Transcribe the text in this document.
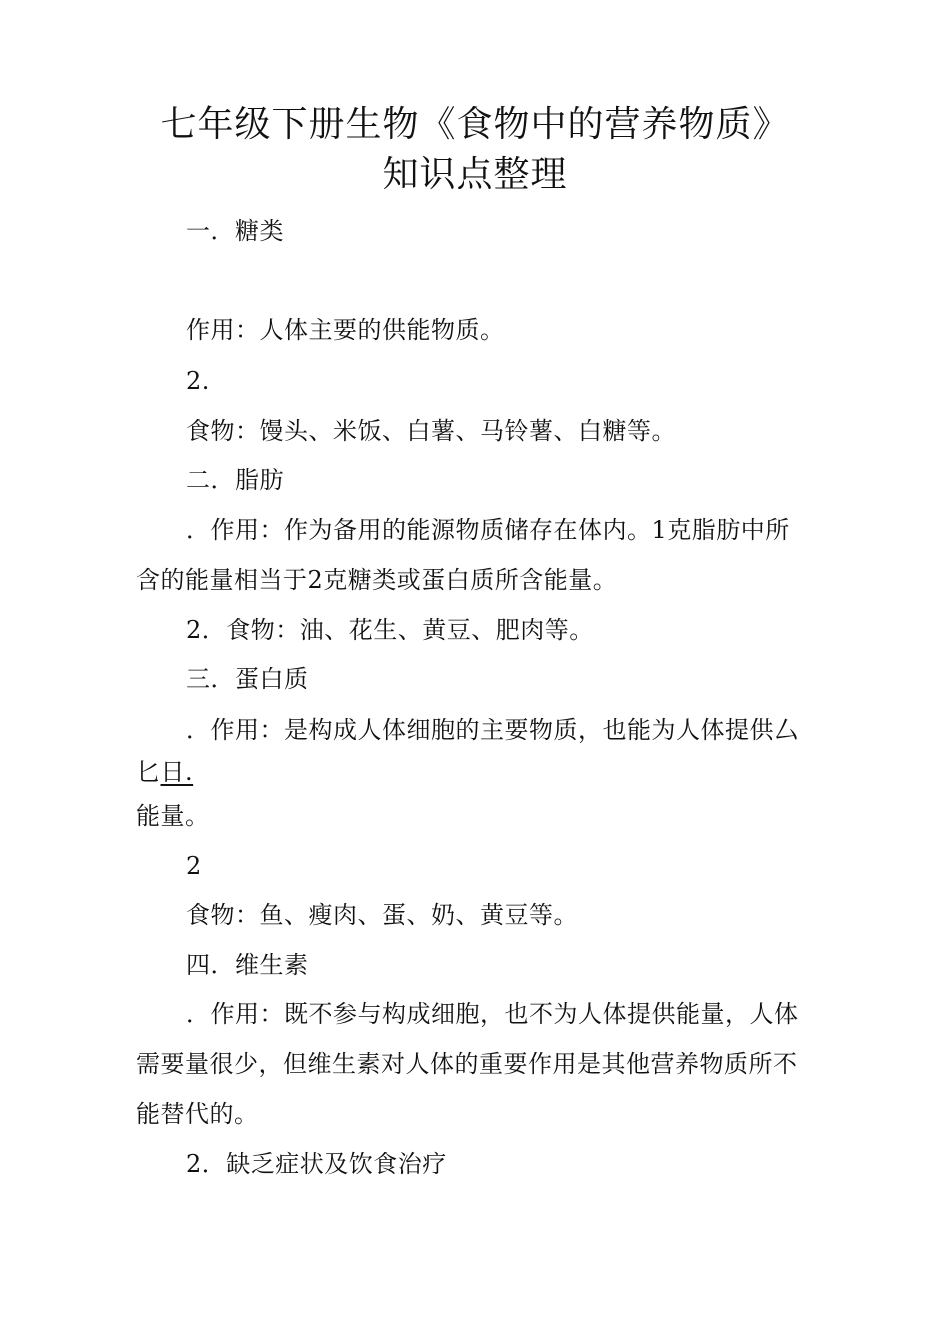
七年级下册生物《食物中的营养物质》
知识点整理

一．糖类

作用：人体主要的供能物质。

2.

食物：馒头、米饭、白薯、马铃薯、白糖等。

二．脂肪

．作用：作为备用的能源物质储存在体内。1克脂肪中所

含的能量相当于2克糖类或蛋白质所含能量。

2．食物：油、花生、黄豆、肥肉等。

三．蛋白质

．作用：是构成人体细胞的主要物质，也能为人体提供厶

匕日.

能量。

2

食物：鱼、瘦肉、蛋、奶、黄豆等。

四．维生素

．作用：既不参与构成细胞，也不为人体提供能量，人体

需要量很少，但维生素对人体的重要作用是其他营养物质所不

能替代的。

2．缺乏症状及饮食治疗
